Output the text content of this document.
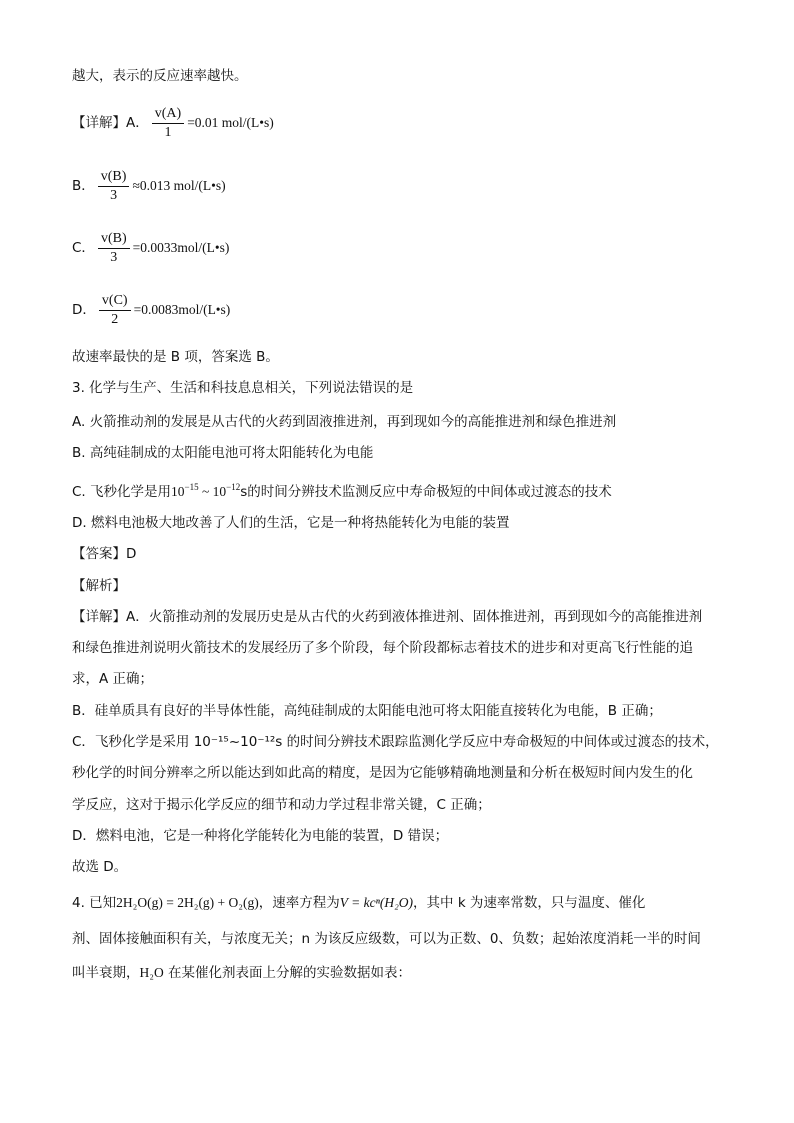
越大，表示的反应速率越快。
【详解】A． $\frac{v(A)}{1} =0.01$ mol/(L•s)
B． $\frac{v(B)}{3} \approx 0.013$ mol/(L•s)
C． $\frac{v(B)}{3}$ =0.0033mol/(L•s)
D． $\frac{v(C)}{2}$ =0.0083mol/(L•s)
故速率最快的是 B 项，答案选 B。
3. 化学与生产、生活和科技息息相关，下列说法错误的是
A. 火箭推动剂的发展是从古代的火药到固液推进剂，再到现如今的高能推进剂和绿色推进剂
B. 高纯硅制成的太阳能电池可将太阳能转化为电能
C. 飞秒化学是用$10^{-15}$ ~ $10^{-12}s$的时间分辨技术监测反应中寿命极短的中间体或过渡态的技术
D. 燃料电池极大地改善了人们的生活，它是一种将热能转化为电能的装置
【答案】D
【解析】
【详解】A．火箭推动剂的发展历史是从古代的火药到液体推进剂、固体推进剂，再到现如今的高能推进剂
和绿色推进剂说明火箭技术的发展经历了多个阶段，每个阶段都标志着技术的进步和对更高飞行性能的追
求，A 正确；
B．硅单质具有良好的半导体性能，高纯硅制成的太阳能电池可将太阳能直接转化为电能，B 正确；
C．飞秒化学是采用 10⁻¹⁵~10⁻¹²s 的时间分辨技术跟踪监测化学反应中寿命极短的中间体或过渡态的技术，
秒化学的时间分辨率之所以能达到如此高的精度，是因为它能够精确地测量和分析在极短时间内发生的化
学反应，这对于揭示化学反应的细节和动力学过程非常关键，C 正确；
D．燃料电池，它是一种将化学能转化为电能的装置，D 错误；
故选 D。
4. 已知2H₂O(g) = 2H₂(g) + O₂(g)，速率方程为V = kcⁿ(H₂O)，其中 k 为速率常数，只与温度、催化
剂、固体接触面积有关，与浓度无关；n 为该反应级数，可以为正数、0、负数；起始浓度消耗一半的时间
叫半衰期，H₂O 在某催化剂表面上分解的实验数据如表：
